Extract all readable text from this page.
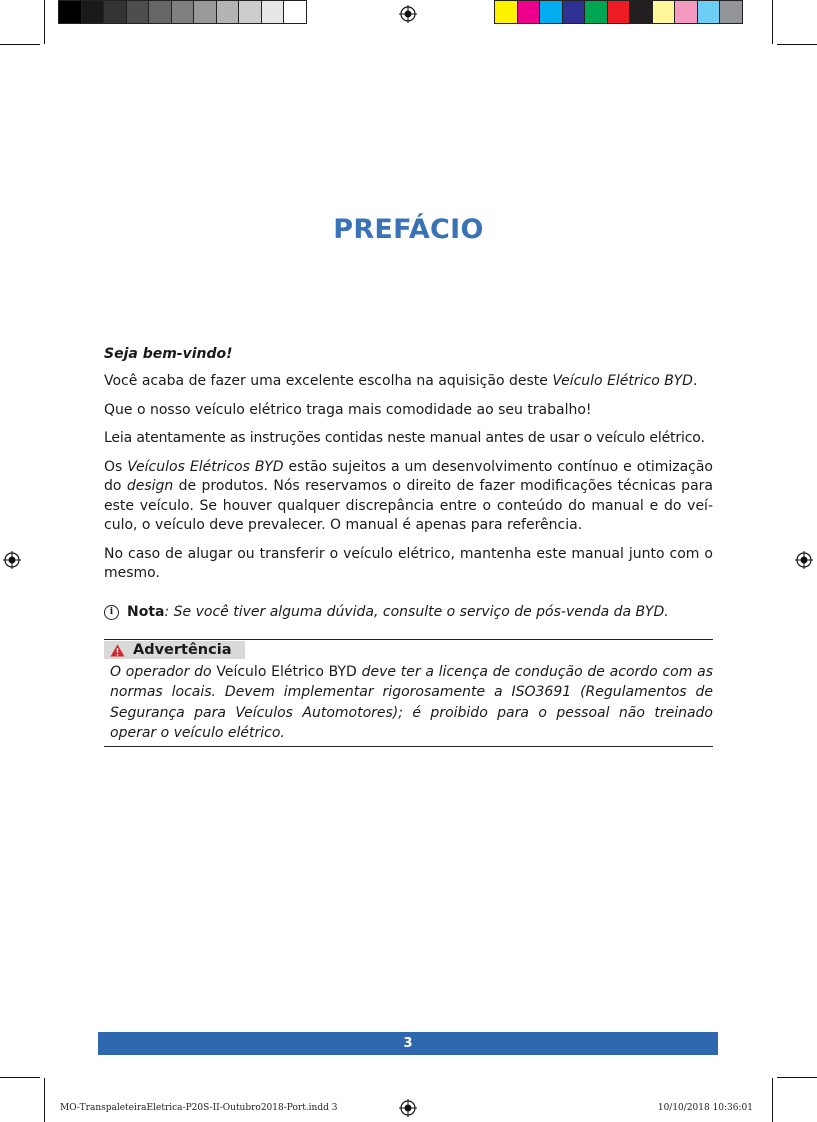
PREFÁCIO
Seja bem-vindo!

Você acaba de fazer uma excelente escolha na aquisição deste Veículo Elétrico BYD.

Que o nosso veículo elétrico traga mais comodidade ao seu trabalho!

Leia atentamente as instruções contidas neste manual antes de usar o veículo elétrico.

Os Veículos Elétricos BYD estão sujeitos a um desenvolvimento contínuo e otimização do design de produtos. Nós reservamos o direito de fazer modificações técnicas para este veículo. Se houver qualquer discrepância entre o conteúdo do manual e do veí-culo, o veículo deve prevalecer. O manual é apenas para referência.

No caso de alugar ou transferir o veículo elétrico, mantenha este manual junto com o mesmo.

i Nota : Se você tiver alguma dúvida, consulte o serviço de pós-venda da BYD.
Advertência
O operador do Veículo Elétrico BYD deve ter a licença de condução de acordo com as normas locais. Devem implementar rigorosamente a ISO3691 (Regulamentos de Segurança para Veículos Automotores); é proibido para o pessoal não treinado operar o veículo elétrico.
3
MO-TranspaleteiraEletrica-P20S-II-Outubro2018-Port.indd 3	10/10/2018 10:36:01
